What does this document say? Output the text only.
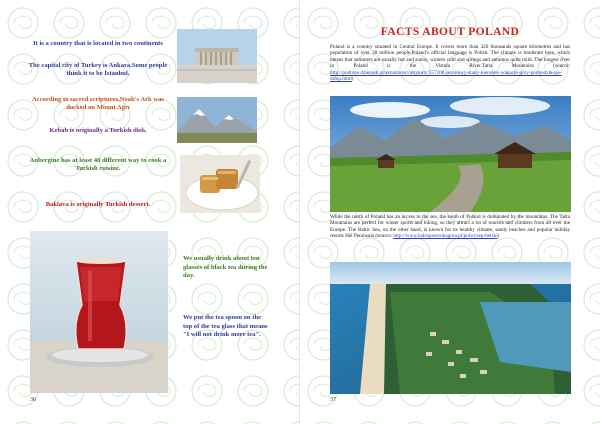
It is a country that is located in two continents
The capital city of Turkey is Ankara.Some people think it to be İstanbul.
According to sacred scriptures,Noah's Ark was docked on Mount Ağrı
Kebab is originally a Turkish dish.
Aubergine has at least 40 different way to cook a Turkish cuisine.
Baklava is originally Turkish dessert.
We usually drink about ten glasses of black tea during the day.
We put the tea spoon on the top of the tea glass that means "I will not drink more tea".
36
FACTS ABOUT POLAND
Poland is a country situated in Central Europe. It covers more than 320 thousands square kilometres and has population of over 38 million people.Poland's official language is Polish. The climate is moderate here, which means that summers are usually hot and sunny, winters cold and springs and autumns quite mild. The longest river in Poland is the Vistula River.Tatra Mountains (source: http://podroze.dziennik.pl/aktualnosci/artykuly/557208,sezonowy-stany-kierunek-wakacje-gory-pomiedzie-sie-urlop.html)
While the north of Poland has an access to the sea, the south of Poland is dominated by the mountains. The Tatra Mountains are perfect for winter sports and hiking, so they attract a lot of tourists and climbers from all over the Europe. The Baltic Sea, on the other hand, is known for its healthy climate, sandy beaches and popular holiday resorts Hel Peninsula (source: http://www.halospacerokagora.pl/polwysep-helski)
37
